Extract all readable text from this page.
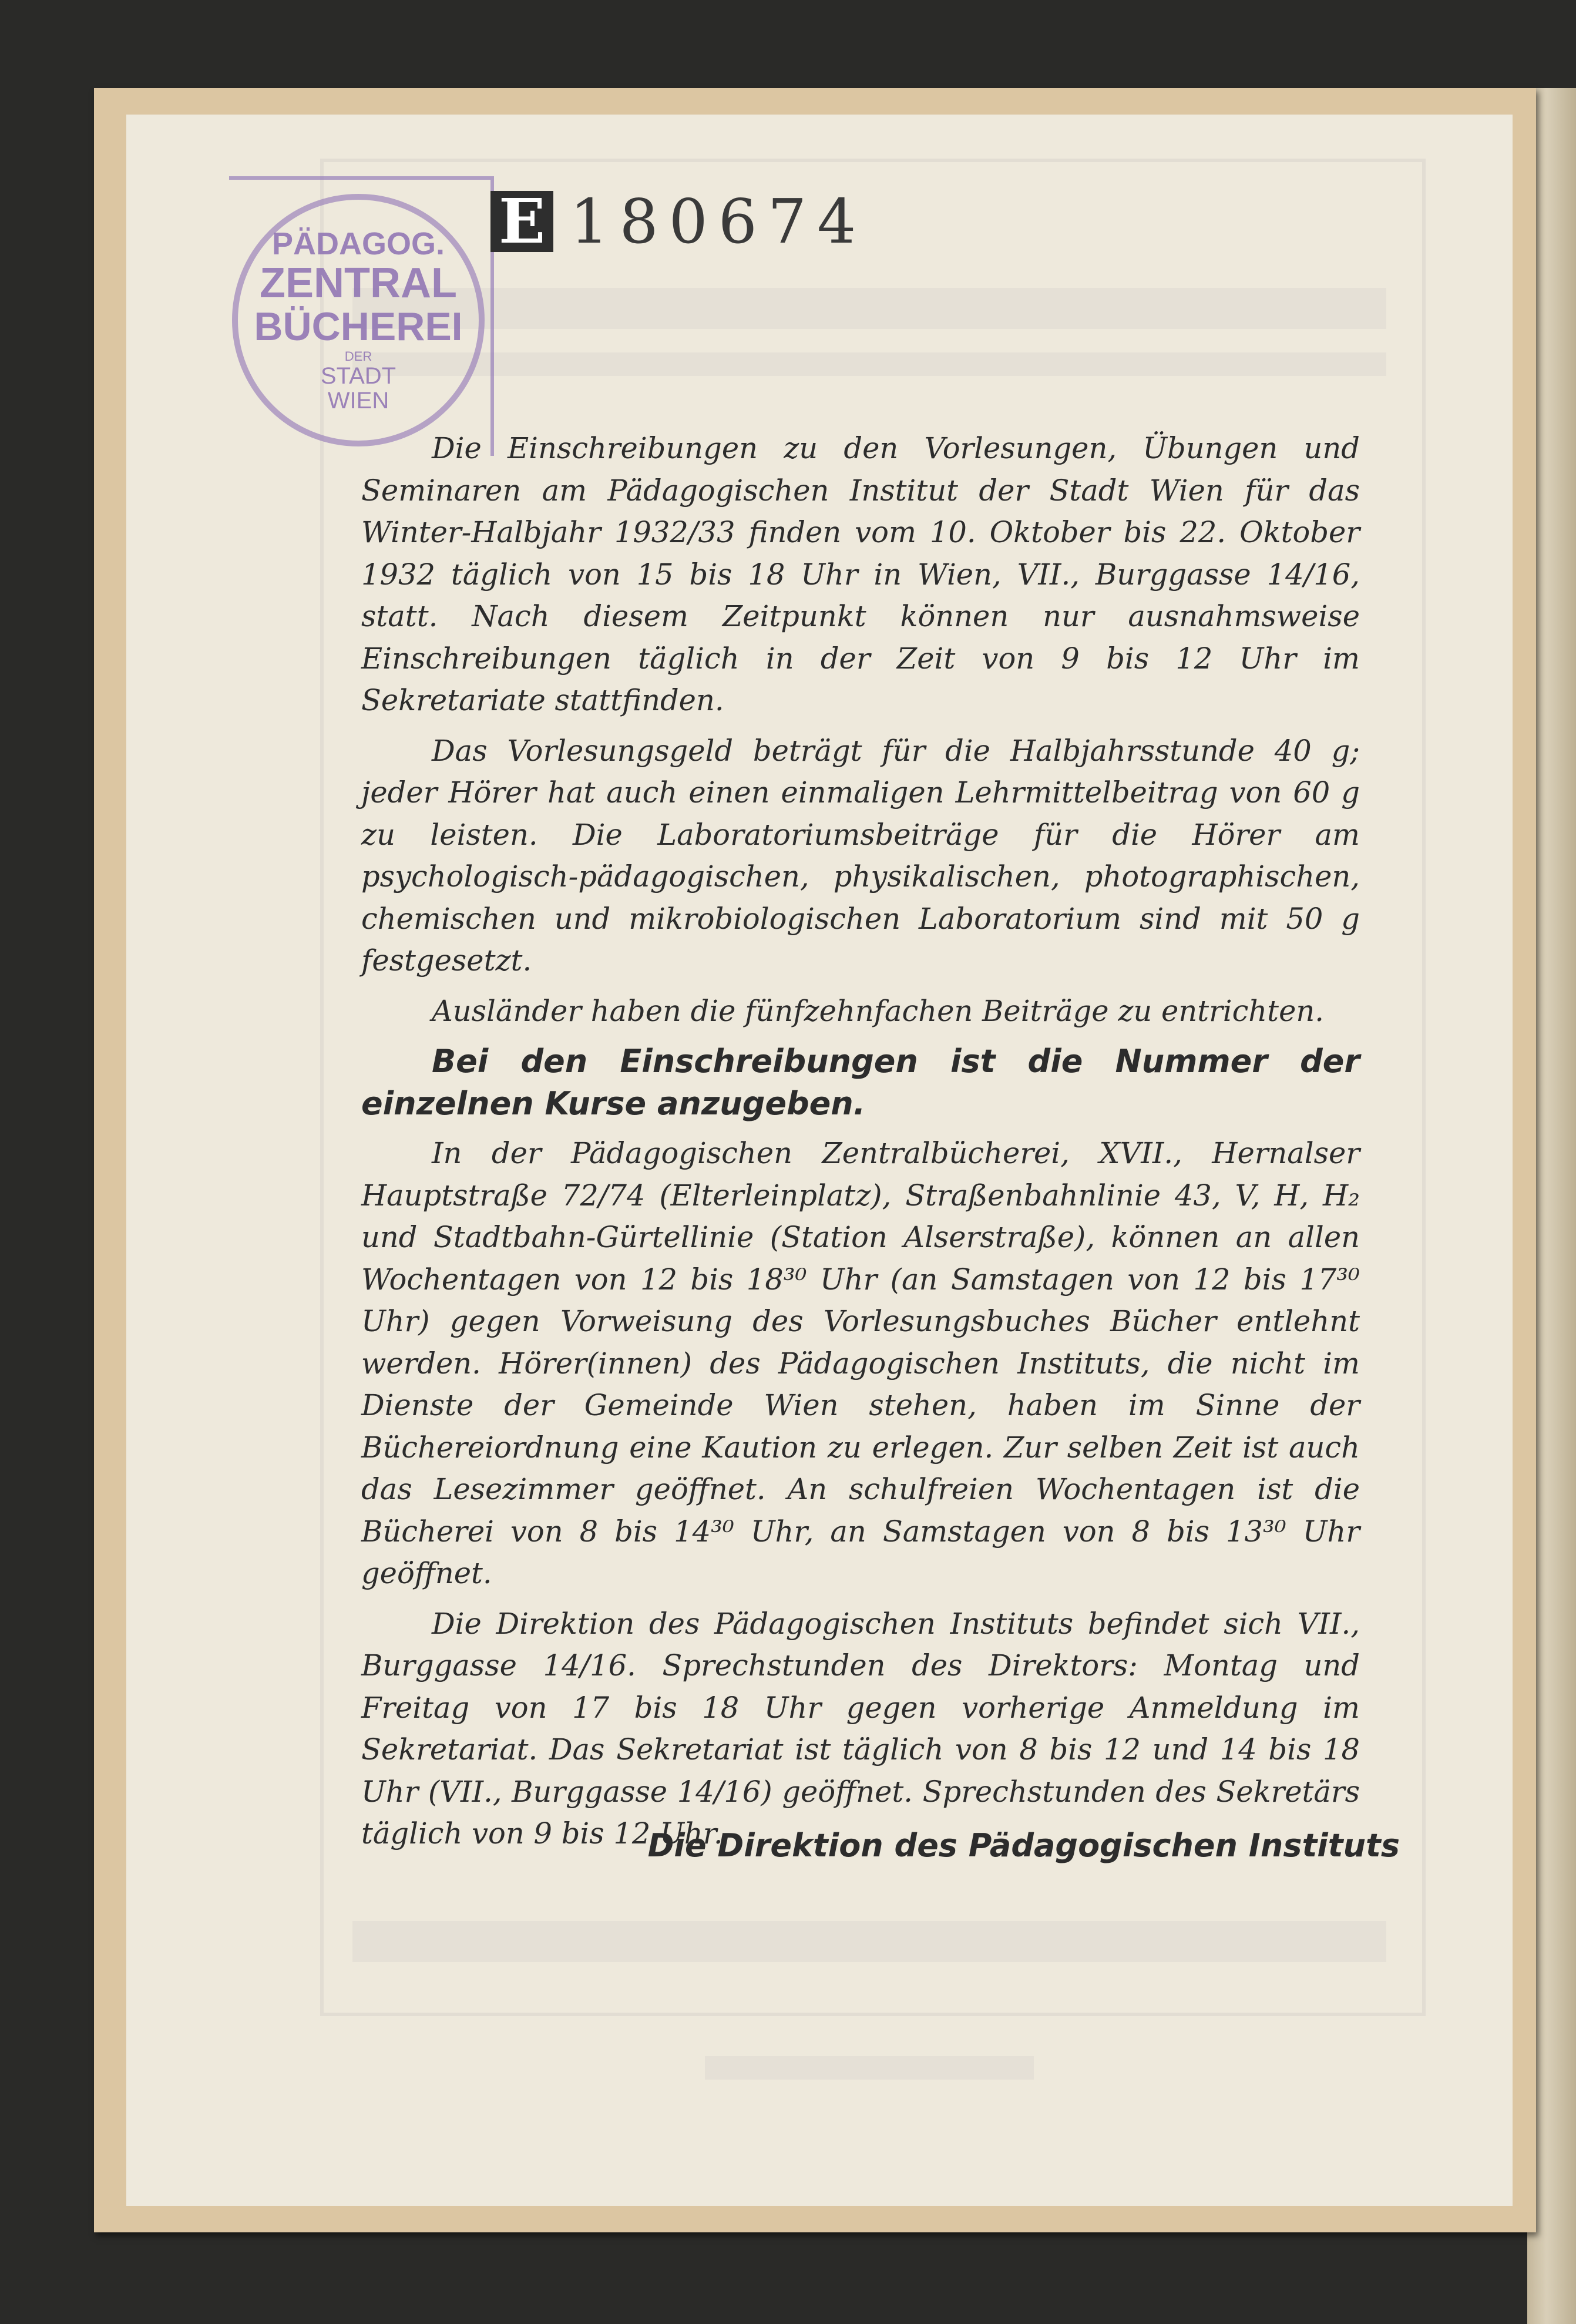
PÄDAGOG.
ZENTRAL
BÜCHEREI
DER
STADT
WIEN
E 180674

Die Einschreibungen zu den Vorlesungen, Übungen und Seminaren am Pädagogischen Institut der Stadt Wien für das Winter-Halbjahr 1932/33 finden vom 10. Oktober bis 22. Oktober 1932 täglich von 15 bis 18 Uhr in Wien, VII., Burggasse 14/16, statt. Nach diesem Zeitpunkt können nur ausnahmsweise Einschreibungen täglich in der Zeit von 9 bis 12 Uhr im Sekretariate stattfinden.

Das Vorlesungsgeld beträgt für die Halbjahrsstunde 40 g; jeder Hörer hat auch einen einmaligen Lehrmittelbeitrag von 60 g zu leisten. Die Laboratoriumsbeiträge für die Hörer am psychologisch-pädagogischen, physikalischen, photographischen, chemischen und mikrobiologischen Laboratorium sind mit 50 g festgesetzt.

Ausländer haben die fünfzehnfachen Beiträge zu entrichten.

Bei den Einschreibungen ist die Nummer der einzelnen Kurse anzugeben.

In der Pädagogischen Zentralbücherei, XVII., Hernalser Hauptstraße 72/74 (Elterleinplatz), Straßenbahnlinie 43, V, H, H₂ und Stadtbahn-Gürtellinie (Station Alserstraße), können an allen Wochentagen von 12 bis 18³⁰ Uhr (an Samstagen von 12 bis 17³⁰ Uhr) gegen Vorweisung des Vorlesungsbuches Bücher entlehnt werden. Hörer(innen) des Pädagogischen Instituts, die nicht im Dienste der Gemeinde Wien stehen, haben im Sinne der Büchereiordnung eine Kaution zu erlegen. Zur selben Zeit ist auch das Lesezimmer geöffnet. An schulfreien Wochentagen ist die Bücherei von 8 bis 14³⁰ Uhr, an Samstagen von 8 bis 13³⁰ Uhr geöffnet.

Die Direktion des Pädagogischen Instituts befindet sich VII., Burggasse 14/16. Sprechstunden des Direktors: Montag und Freitag von 17 bis 18 Uhr gegen vorherige Anmeldung im Sekretariat. Das Sekretariat ist täglich von 8 bis 12 und 14 bis 18 Uhr (VII., Burggasse 14/16) geöffnet. Sprechstunden des Sekretärs täglich von 9 bis 12 Uhr.

Die Direktion des Pädagogischen Instituts
